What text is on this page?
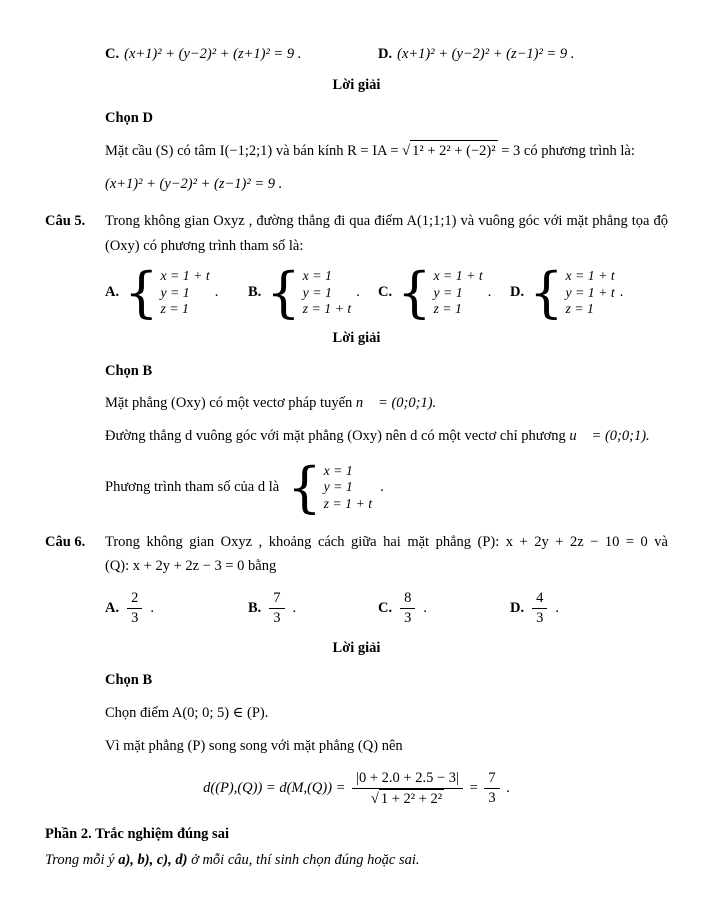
C. (x+1)² + (y−2)² + (z+1)² = 9 .	D. (x+1)² + (y−2)² + (z−1)² = 9 .
Lời giải
Chọn D
Mặt cầu (S) có tâm I(−1;2;1) và bán kính R = IA = √ 1² + 2² + (−2)² = 3 có phương trình là:
(x+1)² + (y−2)² + (z−1)² = 9 .
Câu 5.	Trong không gian Oxyz , đường thẳng đi qua điểm A(1;1;1) và vuông góc với mặt phẳng tọa độ
(Oxy) có phương trình tham số là:
A. { x = 1 + t
y = 1
z = 1
. B. { x = 1
y = 1
z = 1 + t
. C. { x = 1 + t
y = 1
z = 1
. D. { x = 1 + t
y = 1 + t
z = 1
.
Lời giải
Chọn B
Mặt phẳng (Oxy) có một vectơ pháp tuyến n⃗ = (0;0;1).
Đường thẳng d vuông góc với mặt phẳng (Oxy) nên d có một vectơ chỉ phương u⃗ = (0;0;1).
Phương trình tham số của d là { x = 1
y = 1
z = 1 + t
.
Câu 6.	Trong không gian Oxyz , khoảng cách giữa hai mặt phẳng (P): x + 2y + 2z − 10 = 0 và
(Q): x + 2y + 2z − 3 = 0 bằng
A. $\frac{2}{3}$ .	B. $\frac{7}{3}$ .	C. $\frac{8}{3}$ .	D. $\frac{4}{3}$ .
Lời giải
Chọn B
Chọn điểm A(0; 0; 5) ∈ (P).
Vì mặt phẳng (P) song song với mặt phẳng (Q) nên
$d((P),(Q)) = d(M,(Q)) = \frac{|0 + 2.0 + 2.5 - 3|}{\text{√ 1 + 2² + 2²}} = \frac{7}{3}$ .
Phần 2. Trắc nghiệm đúng sai
Trong mỗi ý a), b), c), d) ở mỗi câu, thí sinh chọn đúng hoặc sai.
